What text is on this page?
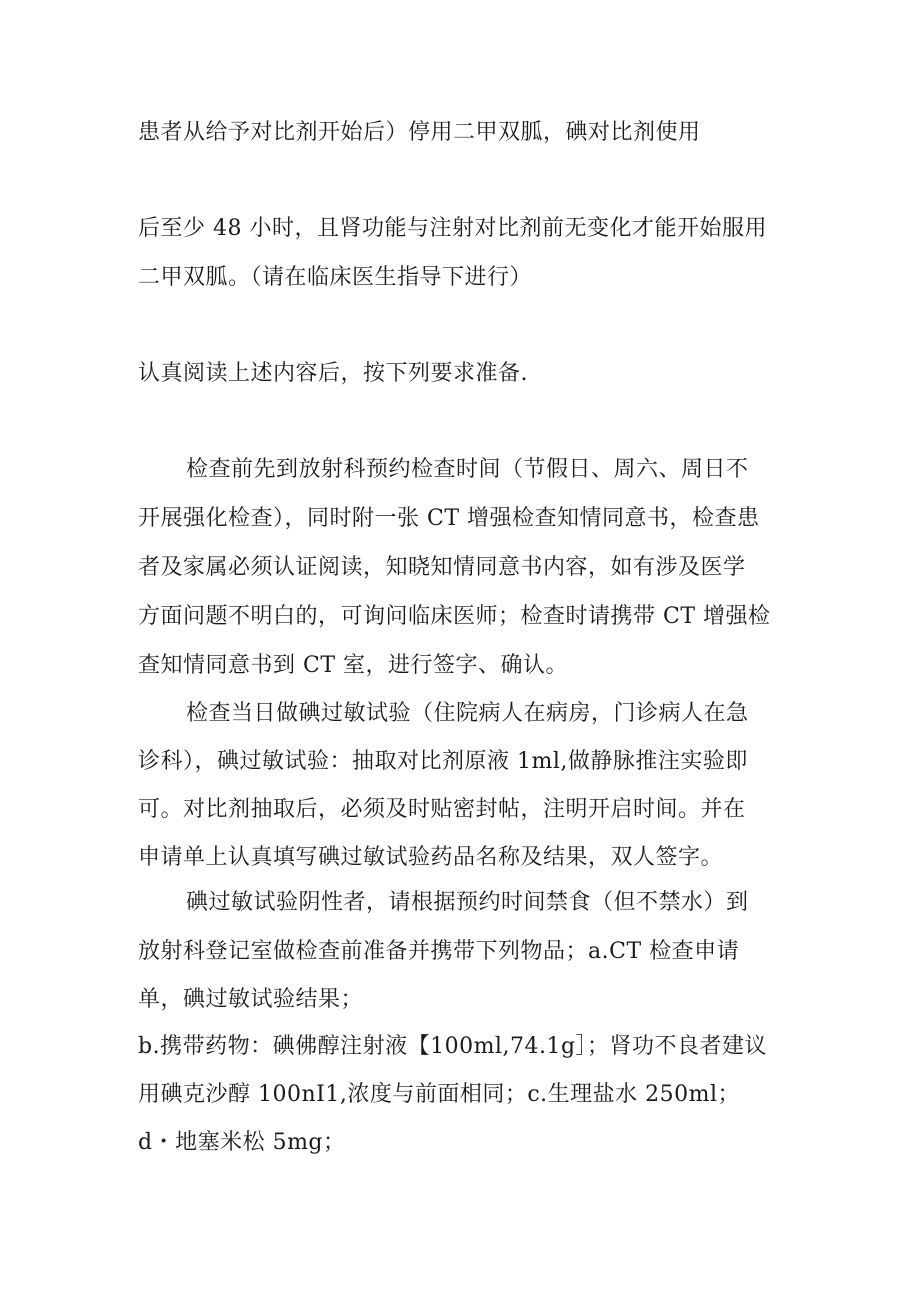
患者从给予对比剂开始后）停用二甲双胍，碘对比剂使用
后至少 48 小时，且肾功能与注射对比剂前无变化才能开始服用
二甲双胍。（请在临床医生指导下进行）
认真阅读上述内容后，按下列要求准备.
检查前先到放射科预约检查时间（节假日、周六、周日不
开展强化检查），同时附一张 CT 增强检查知情同意书，检查患
者及家属必须认证阅读，知晓知情同意书内容，如有涉及医学
方面问题不明白的，可询问临床医师；检查时请携带 CT 增强检
查知情同意书到 CT 室，进行签字、确认。
检查当日做碘过敏试验（住院病人在病房，门诊病人在急
诊科），碘过敏试验：抽取对比剂原液 1ml,做静脉推注实验即
可。对比剂抽取后，必须及时贴密封帖，注明开启时间。并在
申请单上认真填写碘过敏试验药品名称及结果，双人签字。
碘过敏试验阴性者，请根据预约时间禁食（但不禁水）到
放射科登记室做检查前准备并携带下列物品；a.CT 检查申请
单，碘过敏试验结果；
b.携带药物：碘佛醇注射液【100ml,74.1g］；肾功不良者建议
用碘克沙醇 100nI1,浓度与前面相同；c.生理盐水 250ml；
d・地塞米松 5mg；
